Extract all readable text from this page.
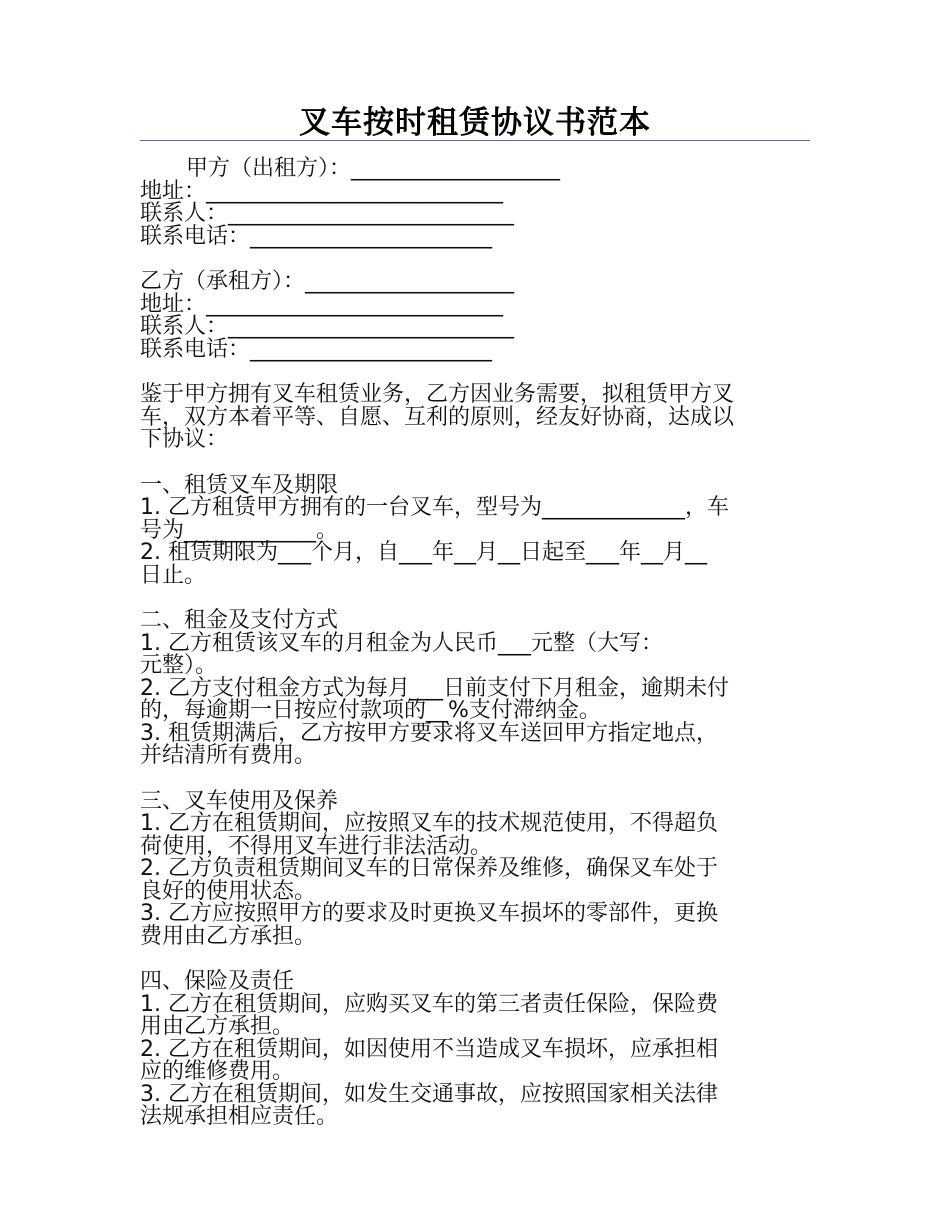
叉车按时租赁协议书范本
甲方（出租方）：___________________
地址：___________________________
联系人：__________________________
联系电话：______________________
乙方（承租方）：___________________
地址：___________________________
联系人：__________________________
联系电话：______________________
鉴于甲方拥有叉车租赁业务，乙方因业务需要，拟租赁甲方叉
车，双方本着平等、自愿、互利的原则，经友好协商，达成以
下协议：
一、租赁叉车及期限
1. 乙方租赁甲方拥有的一台叉车，型号为_____________，车
号为____________。
2. 租赁期限为___个月，自___年__月__日起至___年__月__
日止。
二、租金及支付方式
1. 乙方租赁该叉车的月租金为人民币___元整（大写：
元整）。
2. 乙方支付租金方式为每月___日前支付下月租金，逾期未付
的，每逾期一日按应付款项的__%支付滞纳金。
3. 租赁期满后，乙方按甲方要求将叉车送回甲方指定地点，
并结清所有费用。
三、叉车使用及保养
1. 乙方在租赁期间，应按照叉车的技术规范使用，不得超负
荷使用，不得用叉车进行非法活动。
2. 乙方负责租赁期间叉车的日常保养及维修，确保叉车处于
良好的使用状态。
3. 乙方应按照甲方的要求及时更换叉车损坏的零部件，更换
费用由乙方承担。
四、保险及责任
1. 乙方在租赁期间，应购买叉车的第三者责任保险，保险费
用由乙方承担。
2. 乙方在租赁期间，如因使用不当造成叉车损坏，应承担相
应的维修费用。
3. 乙方在租赁期间，如发生交通事故，应按照国家相关法律
法规承担相应责任。
